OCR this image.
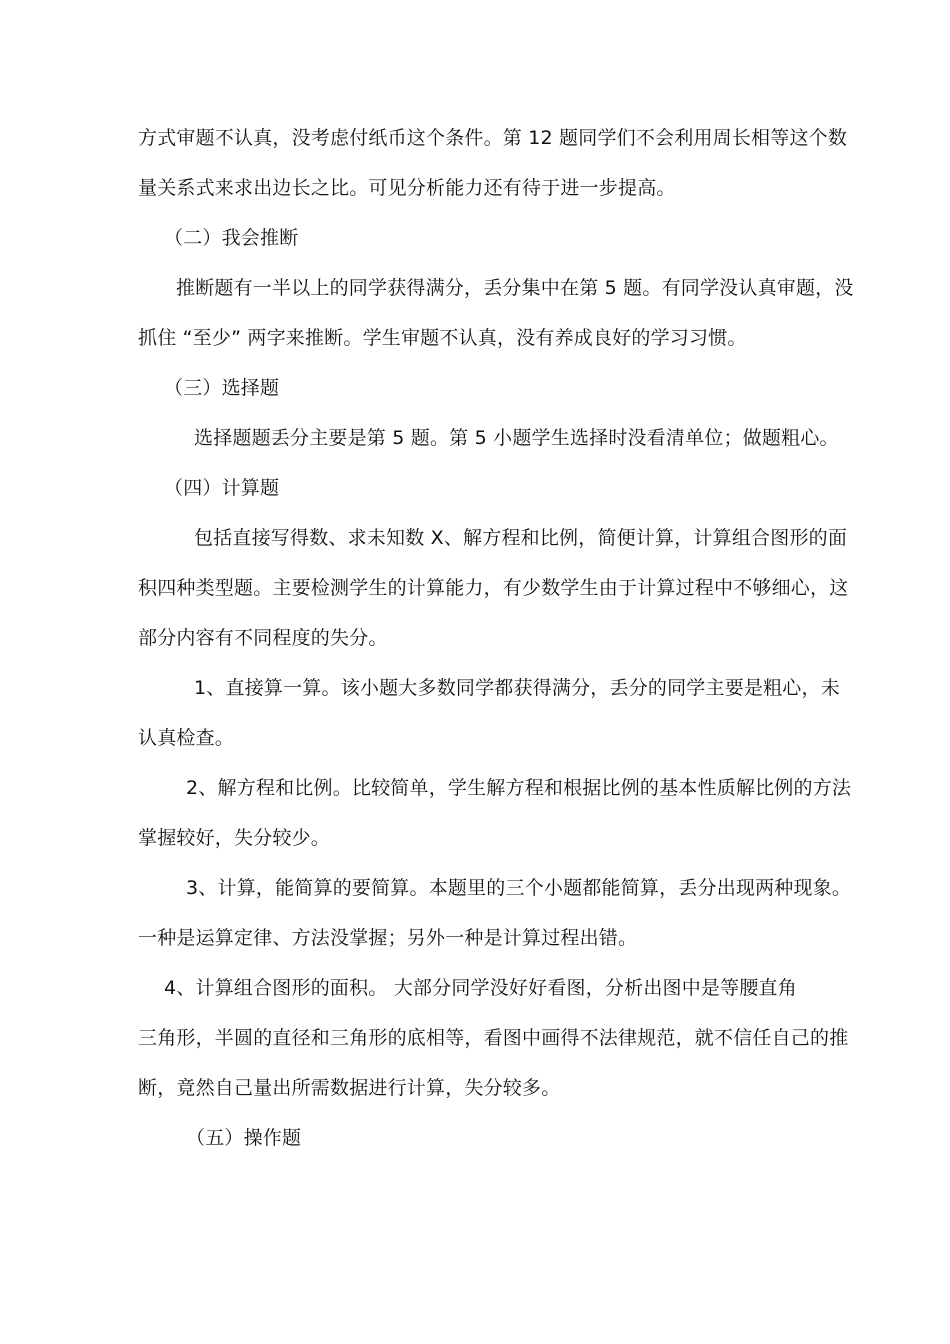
方式审题不认真，没考虑付纸币这个条件。第 12 题同学们不会利用周长相等这个数
量关系式来求出边长之比。可见分析能力还有待于进一步提高。
（二）我会推断
推断题有一半以上的同学获得满分，丢分集中在第 5 题。有同学没认真审题，没
抓住 “至少” 两字来推断。学生审题不认真，没有养成良好的学习习惯。
（三）选择题
选择题题丢分主要是第 5 题。第 5 小题学生选择时没看清单位；做题粗心。
（四）计算题
包括直接写得数、求未知数 X、解方程和比例，简便计算，计算组合图形的面
积四种类型题。主要检测学生的计算能力，有少数学生由于计算过程中不够细心，这
部分内容有不同程度的失分。
1、直接算一算。该小题大多数同学都获得满分，丢分的同学主要是粗心，未
认真检查。
2、解方程和比例。比较简单，学生解方程和根据比例的基本性质解比例的方法
掌握较好，失分较少。
3、计算，能简算的要简算。本题里的三个小题都能简算，丢分出现两种现象。
一种是运算定律、方法没掌握；另外一种是计算过程出错。
4、计算组合图形的面积。 大部分同学没好好看图，分析出图中是等腰直角
三角形，半圆的直径和三角形的底相等，看图中画得不法律规范，就不信任自己的推
断，竟然自己量出所需数据进行计算，失分较多。
（五）操作题
